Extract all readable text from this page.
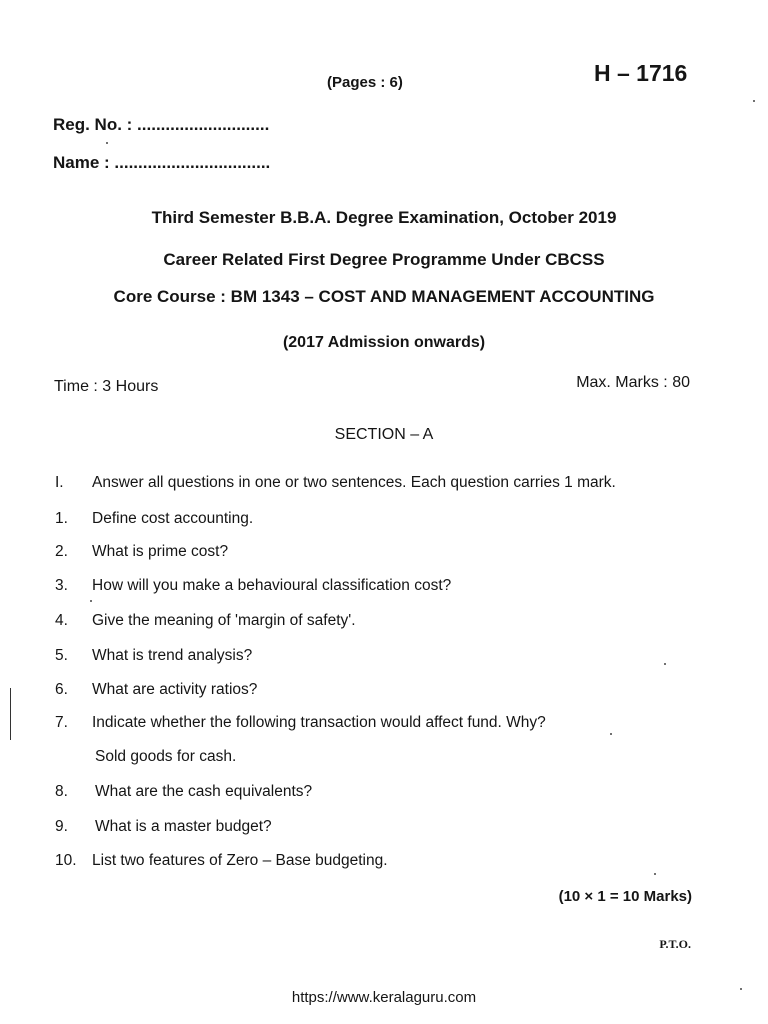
(Pages : 6)	H – 1716
Reg. No. : ............................
Name : .................................
Third Semester B.B.A. Degree Examination, October 2019
Career Related First Degree Programme Under CBCSS
Core Course : BM 1343 – COST AND MANAGEMENT ACCOUNTING
(2017 Admission onwards)
Time : 3 Hours	Max. Marks : 80
SECTION – A
I. Answer all questions in one or two sentences. Each question carries 1 mark.
1. Define cost accounting.
2. What is prime cost?
3. How will you make a behavioural classification cost?
4. Give the meaning of 'margin of safety'.
5. What is trend analysis?
6. What are activity ratios?
7. Indicate whether the following transaction would affect fund. Why?
Sold goods for cash.
8. What are the cash equivalents?
9. What is a master budget?
10. List two features of Zero – Base budgeting.
(10 × 1 = 10 Marks)
P.T.O.
https://www.keralaguru.com
